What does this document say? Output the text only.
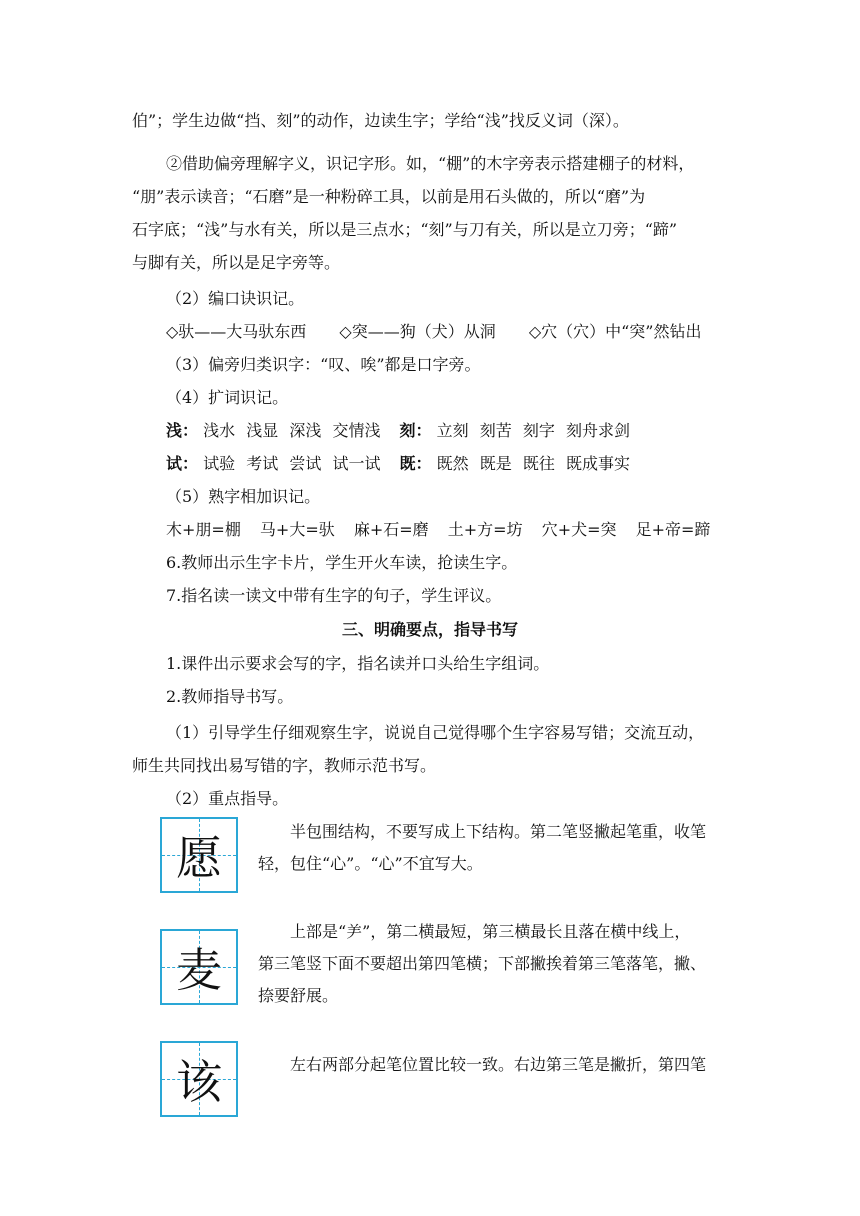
伯”；学生边做“挡、刻”的动作，边读生字；学给“浅”找反义词（深）。
②借助偏旁理解字义，识记字形。如，“棚”的木字旁表示搭建棚子的材料，
“朋”表示读音；“石磨”是一种粉碎工具，以前是用石头做的，所以“磨”为
石字底；“浅”与水有关，所以是三点水；“刻”与刀有关，所以是立刀旁；“蹄”
与脚有关，所以是足字旁等。
（2）编口诀识记。
◇驮——大马驮东西 ◇突——狗（犬）从洞 ◇穴（穴）中“突”然钻出
（3）偏旁归类识字：“叹、唉”都是口字旁。
（4）扩词识记。
浅： 浅水 浅显 深浅 交情浅 刻： 立刻 刻苦 刻字 刻舟求剑
试： 试验 考试 尝试 试一试 既： 既然 既是 既往 既成事实
（5）熟字相加识记。
木+朋=棚 马+大=驮 麻+石=磨 土+方=坊 穴+犬=突 足+帝=蹄
6.教师出示生字卡片，学生开火车读，抢读生字。
7.指名读一读文中带有生字的句子，学生评议。
三、明确要点，指导书写
1.课件出示要求会写的字，指名读并口头给生字组词。
2.教师指导书写。
（1）引导学生仔细观察生字，说说自己觉得哪个生字容易写错；交流互动，
师生共同找出易写错的字，教师示范书写。
（2）重点指导。
愿	半包围结构，不要写成上下结构。第二笔竖撇起笔重，收笔
轻，包住“心”。“心”不宜写大。
麦
上部是“⺶”，第二横最短，第三横最长且落在横中线上，
第三笔竖下面不要超出第四笔横；下部撇挨着第三笔落笔，撇、
捺要舒展。
该	左右两部分起笔位置比较一致。右边第三笔是撇折，第四笔
